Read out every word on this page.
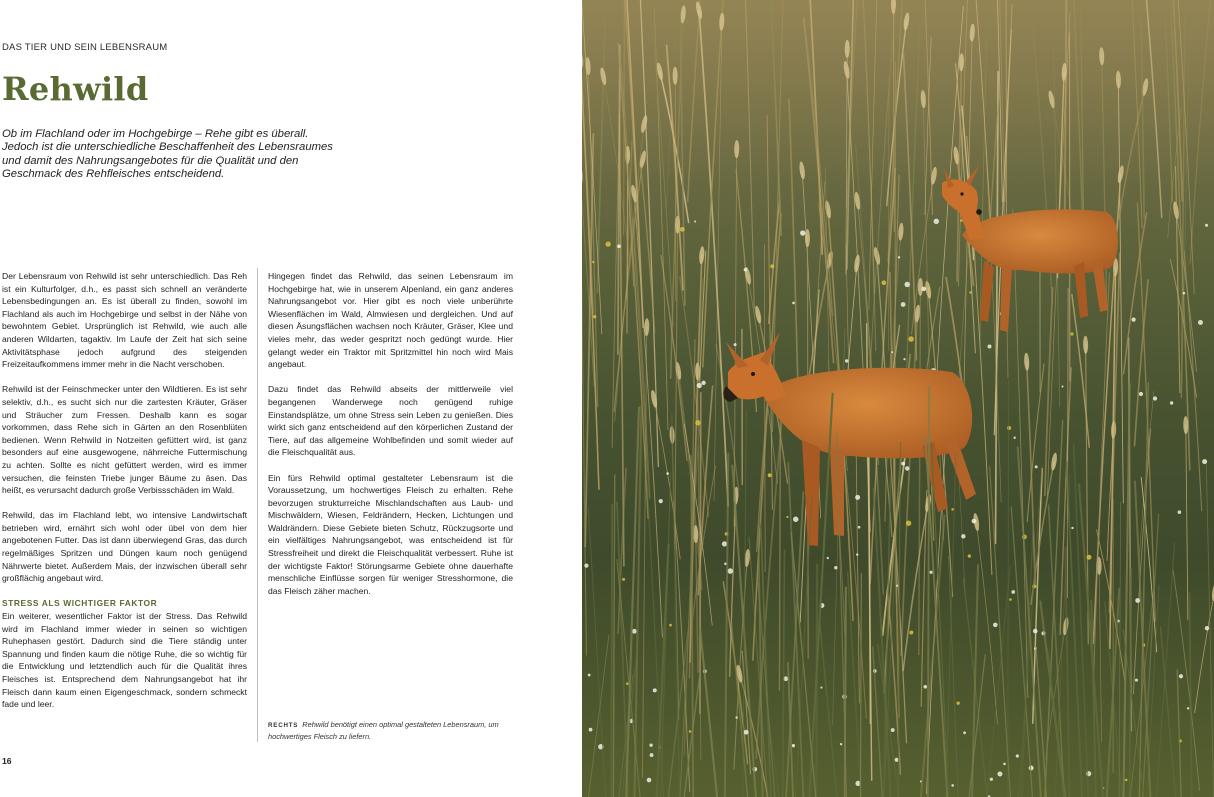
DAS TIER UND SEIN LEBENSRAUM
Rehwild

Ob im Flachland oder im Hochgebirge – Rehe gibt es überall. Jedoch ist die unterschiedliche Beschaffenheit des Lebensraumes und damit des Nahrungsangebotes für die Qualität und den Geschmack des Rehfleisches entscheidend.

Der Lebensraum von Rehwild ist sehr unterschiedlich. Das Reh ist ein Kulturfolger, d.h., es passt sich schnell an veränderte Lebensbedingungen an. Es ist überall zu finden, sowohl im Flachland als auch im Hochgebirge und selbst in der Nähe von bewohntem Gebiet. Ursprünglich ist Rehwild, wie auch alle anderen Wildarten, tagaktiv. Im Laufe der Zeit hat sich seine Aktivitätsphase jedoch aufgrund des steigenden Freizeitaufkommens immer mehr in die Nacht verschoben.

Rehwild ist der Feinschmecker unter den Wildtieren. Es ist sehr selektiv, d.h., es sucht sich nur die zartesten Kräuter, Gräser und Sträucher zum Fressen. Deshalb kann es sogar vorkommen, dass Rehe sich in Gärten an den Rosenblüten bedienen. Wenn Rehwild in Notzeiten gefüttert wird, ist ganz besonders auf eine ausgewogene, nährreiche Futtermischung zu achten. Sollte es nicht gefüttert werden, wird es immer versuchen, die feinsten Triebe junger Bäume zu äsen. Das heißt, es verursacht dadurch große Verbissschäden im Wald.

Rehwild, das im Flachland lebt, wo intensive Landwirtschaft betrieben wird, ernährt sich wohl oder übel von dem hier angebotenen Futter. Das ist dann überwiegend Gras, das durch regelmäßiges Spritzen und Düngen kaum noch genügend Nährwerte bietet. Außerdem Mais, der inzwischen überall sehr großflächig angebaut wird.

STRESS ALS WICHTIGER FAKTOR

Ein weiterer, wesentlicher Faktor ist der Stress. Das Rehwild wird im Flachland immer wieder in seinen so wichtigen Ruhephasen gestört. Dadurch sind die Tiere ständig unter Spannung und finden kaum die nötige Ruhe, die so wichtig für die Entwicklung und letztendlich auch für die Qualität ihres Fleisches ist. Entsprechend dem Nahrungsangebot hat ihr Fleisch dann kaum einen Eigengeschmack, sondern schmeckt fade und leer.

Hingegen findet das Rehwild, das seinen Lebensraum im Hochgebirge hat, wie in unserem Alpenland, ein ganz anderes Nahrungsangebot vor. Hier gibt es noch viele unberührte Wiesenflächen im Wald, Almwiesen und dergleichen. Und auf diesen Äsungsflächen wachsen noch Kräuter, Gräser, Klee und vieles mehr, das weder gespritzt noch gedüngt wurde. Hier gelangt weder ein Traktor mit Spritzmittel hin noch wird Mais angebaut.

Dazu findet das Rehwild abseits der mittlerweile viel begangenen Wanderwege noch genügend ruhige Einstandsplätze, um ohne Stress sein Leben zu genießen. Dies wirkt sich ganz entscheidend auf den körperlichen Zustand der Tiere, auf das allgemeine Wohlbefinden und somit wieder auf die Fleischqualität aus.

Ein fürs Rehwild optimal gestalteter Lebensraum ist die Voraussetzung, um hochwertiges Fleisch zu erhalten. Rehe bevorzugen strukturreiche Mischlandschaften aus Laub- und Mischwäldern, Wiesen, Feldrändern, Hecken, Lichtungen und Waldrändern. Diese Gebiete bieten Schutz, Rückzugsorte und ein vielfältiges Nahrungsangebot, was entscheidend ist für Stressfreiheit und direkt die Fleischqualität verbessert. Ruhe ist der wichtigste Faktor! Störungsarme Gebiete ohne dauerhafte menschliche Einflüsse sorgen für weniger Stresshormone, die das Fleisch zäher machen.

RECHTS Rehwild benötigt einen optimal gestalteten Lebensraum, um hochwertiges Fleisch zu liefern.
16
